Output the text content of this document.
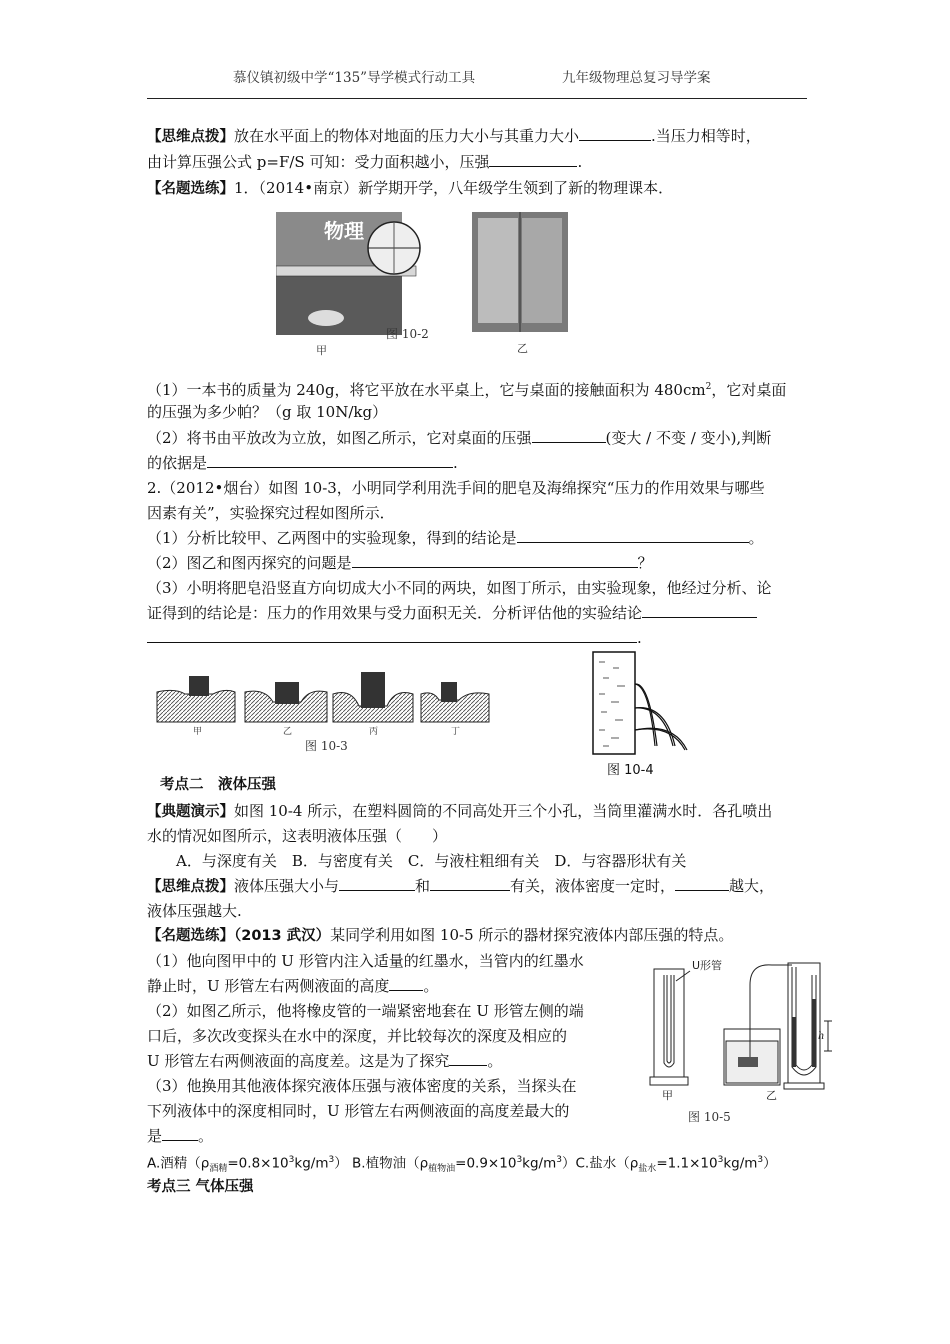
慕仪镇初级中学“135”导学模式行动工具	九年级物理总复习导学案
【思维点拨】放在水平面上的物体对地面的压力大小与其重力大小	.当压力相等时，
由计算压强公式 p=F/S 可知：受力面积越小，压强	.
【名题选练】1．（2014•南京）新学期开学，八年级学生领到了新的物理课本．
图 10-2
甲	乙
物理
（1）一本书的质量为 240g，将它平放在水平桌上，它与桌面的接触面积为 $480cm^2$，它对桌面
的压强为多少帕？（g 取 10N/kg）
（2）将书由平放改为立放，如图乙所示，它对桌面的压强	(变大 / 不变 / 变小),判断
的依据是	.
2.（2012•烟台）如图 10-3，小明同学利用洗手间的肥皂及海绵探究“压力的作用效果与哪些
因素有关”，实验探究过程如图所示．
（1）分析比较甲、乙两图中的实验现象，得到的结论是	。
（2）图乙和图丙探究的问题是	？
（3）小明将肥皂沿竖直方向切成大小不同的两块，如图丁所示，由实验现象，他经过分析、论
证得到的结论是：压力的作用效果与受力面积无关．分析评估他的实验结论
.
甲	乙	丙	丁
图 10-3
图 10-4
考点二　液体压强
【典题演示】如图 10-4 所示，在塑料圆筒的不同高处开三个小孔，当筒里灌满水时．各孔喷出
水的情况如图所示，这表明液体压强（　　）
A．与深度有关　B．与密度有关　C．与液柱粗细有关　D．与容器形状有关
【思维点拨】液体压强大小与	和	有关，液体密度一定时，	越大，
液体压强越大.
【名题选练】（2013 武汉）某同学利用如图 10-5 所示的器材探究液体内部压强的特点。
（1）他向图甲中的 U 形管内注入适量的红墨水，当管内的红墨水
静止时，U 形管左右两侧液面的高度 。
（2）如图乙所示，他将橡皮管的一端紧密地套在 U 形管左侧的端
口后，多次改变探头在水中的深度，并比较每次的深度及相应的
U 形管左右两侧液面的高度差。这是为了探究	。
（3）他换用其他液体探究液体压强与液体密度的关系，当探头在
下列液体中的深度相同时，U 形管左右两侧液面的高度差最大的
是 。
A.酒精$(\rho_{酒精}=0.8\times 10^3kg/m^3)$ B.植物油$(\rho_{植物油}=0.9\times 10^3kg/m^3)C$.盐水$(\rho_{盐水}=1.1\times 10^3kg/m^3)$
U形管
甲	乙
h
图 10-5
考点三 气体压强
